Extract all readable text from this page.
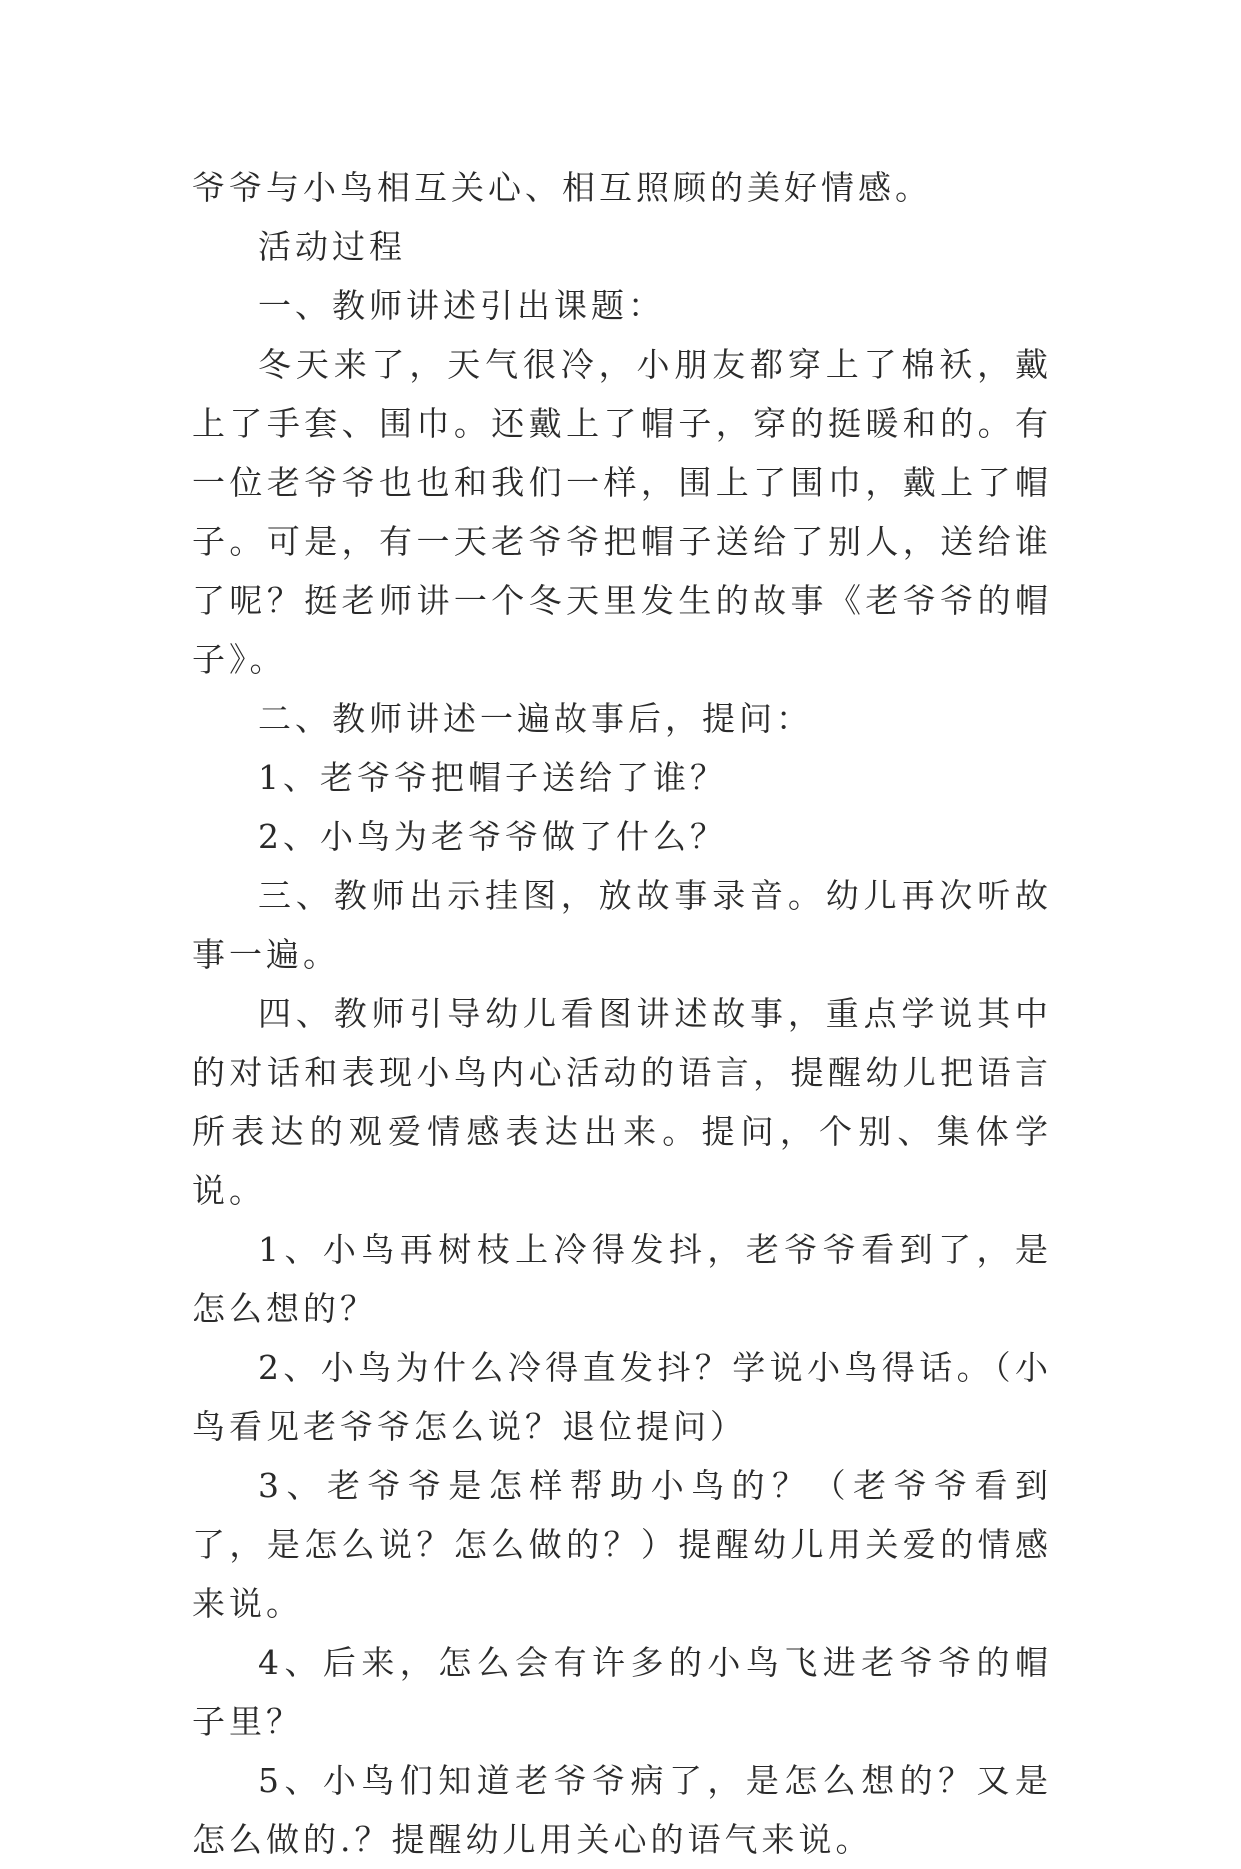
爷爷与小鸟相互关心、相互照顾的美好情感。

活动过程

一、教师讲述引出课题：

冬天来了，天气很冷，小朋友都穿上了棉袄，戴上了手套、围巾。还戴上了帽子，穿的挺暖和的。有一位老爷爷也也和我们一样，围上了围巾，戴上了帽子。可是，有一天老爷爷把帽子送给了别人，送给谁了呢？挺老师讲一个冬天里发生的故事《老爷爷的帽子》。

二、教师讲述一遍故事后，提问：

1、老爷爷把帽子送给了谁？

2、小鸟为老爷爷做了什么？

三、教师出示挂图，放故事录音。幼儿再次听故事一遍。

四、教师引导幼儿看图讲述故事，重点学说其中的对话和表现小鸟内心活动的语言，提醒幼儿把语言所表达的观爱情感表达出来。提问，个别、集体学说。

1、小鸟再树枝上冷得发抖，老爷爷看到了，是怎么想的？

2、小鸟为什么冷得直发抖？学说小鸟得话。（小鸟看见老爷爷怎么说？退位提问）

3、老爷爷是怎样帮助小鸟的？（老爷爷看到了，是怎么说？怎么做的？）提醒幼儿用关爱的情感来说。

4、后来，怎么会有许多的小鸟飞进老爷爷的帽子里？

5、小鸟们知道老爷爷病了，是怎么想的？又是怎么做的.？提醒幼儿用关心的语气来说。
